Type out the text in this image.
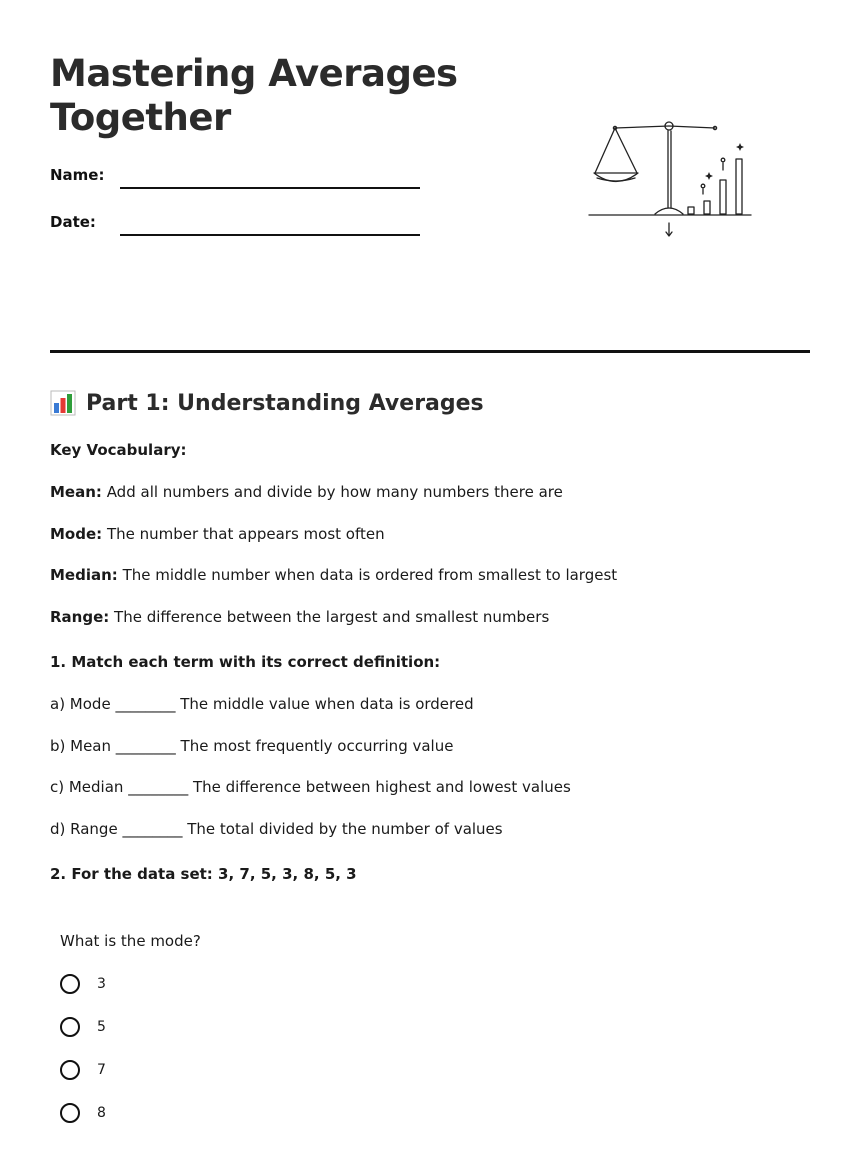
Mastering Averages
Together
Name:
Date:
Part 1: Understanding Averages
Key Vocabulary:
Mean: Add all numbers and divide by how many numbers there are
Mode: The number that appears most often
Median: The middle number when data is ordered from smallest to largest
Range: The difference between the largest and smallest numbers
1. Match each term with its correct definition:
a) Mode ________ The middle value when data is ordered
b) Mean ________ The most frequently occurring value
c) Median ________ The difference between highest and lowest values
d) Range ________ The total divided by the number of values
2. For the data set: 3, 7, 5, 3, 8, 5, 3
What is the mode?
3
5
7
8
